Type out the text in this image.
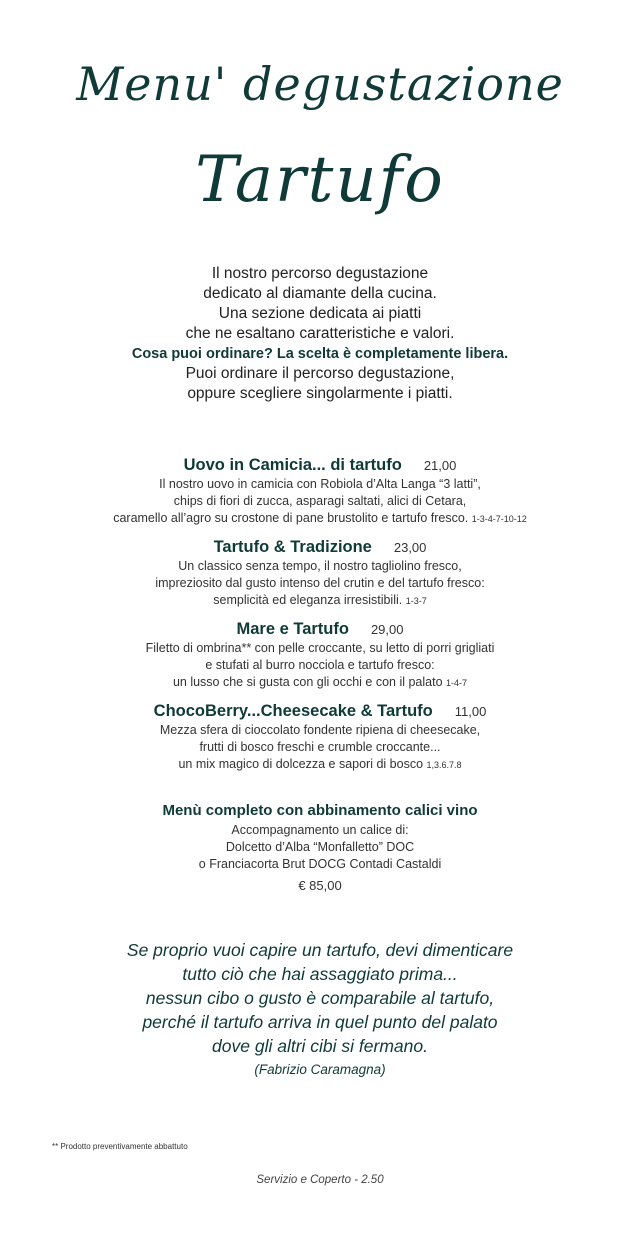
Menu' degustazione
Tartufo
Il nostro percorso degustazione
dedicato al diamante della cucina.
Una sezione dedicata ai piatti
che ne esaltano caratteristiche e valori.
Cosa puoi ordinare? La scelta è completamente libera.
Puoi ordinare il percorso degustazione,
oppure scegliere singolarmente i piatti.
Uovo in Camicia... di tartufo 21,00
Il nostro uovo in camicia con Robiola d’Alta Langa “3 latti”,
chips di fiori di zucca, asparagi saltati, alici di Cetara,
caramello all’agro su crostone di pane brustolito e tartufo fresco. 1-3-4-7-10-12
Tartufo & Tradizione 23,00
Un classico senza tempo, il nostro tagliolino fresco,
impreziosito dal gusto intenso del crutin e del tartufo fresco:
semplicità ed eleganza irresistibili. 1-3-7
Mare e Tartufo 29,00
Filetto di ombrina** con pelle croccante, su letto di porri grigliati
e stufati al burro nocciola e tartufo fresco:
un lusso che si gusta con gli occhi e con il palato 1-4-7
ChocoBerry...Cheesecake & Tartufo 11,00
Mezza sfera di cioccolato fondente ripiena di cheesecake,
frutti di bosco freschi e crumble croccante...
un mix magico di dolcezza e sapori di bosco 1,3.6.7.8
Menù completo con abbinamento calici vino
Accompagnamento un calice di:
Dolcetto d’Alba “Monfalletto” DOC
o Franciacorta Brut DOCG Contadi Castaldi
€ 85,00
Se proprio vuoi capire un tartufo, devi dimenticare
tutto ciò che hai assaggiato prima...
nessun cibo o gusto è comparabile al tartufo,
perché il tartufo arriva in quel punto del palato
dove gli altri cibi si fermano.
(Fabrizio Caramagna)
** Prodotto preventivamente abbattuto
Servizio e Coperto - 2.50
